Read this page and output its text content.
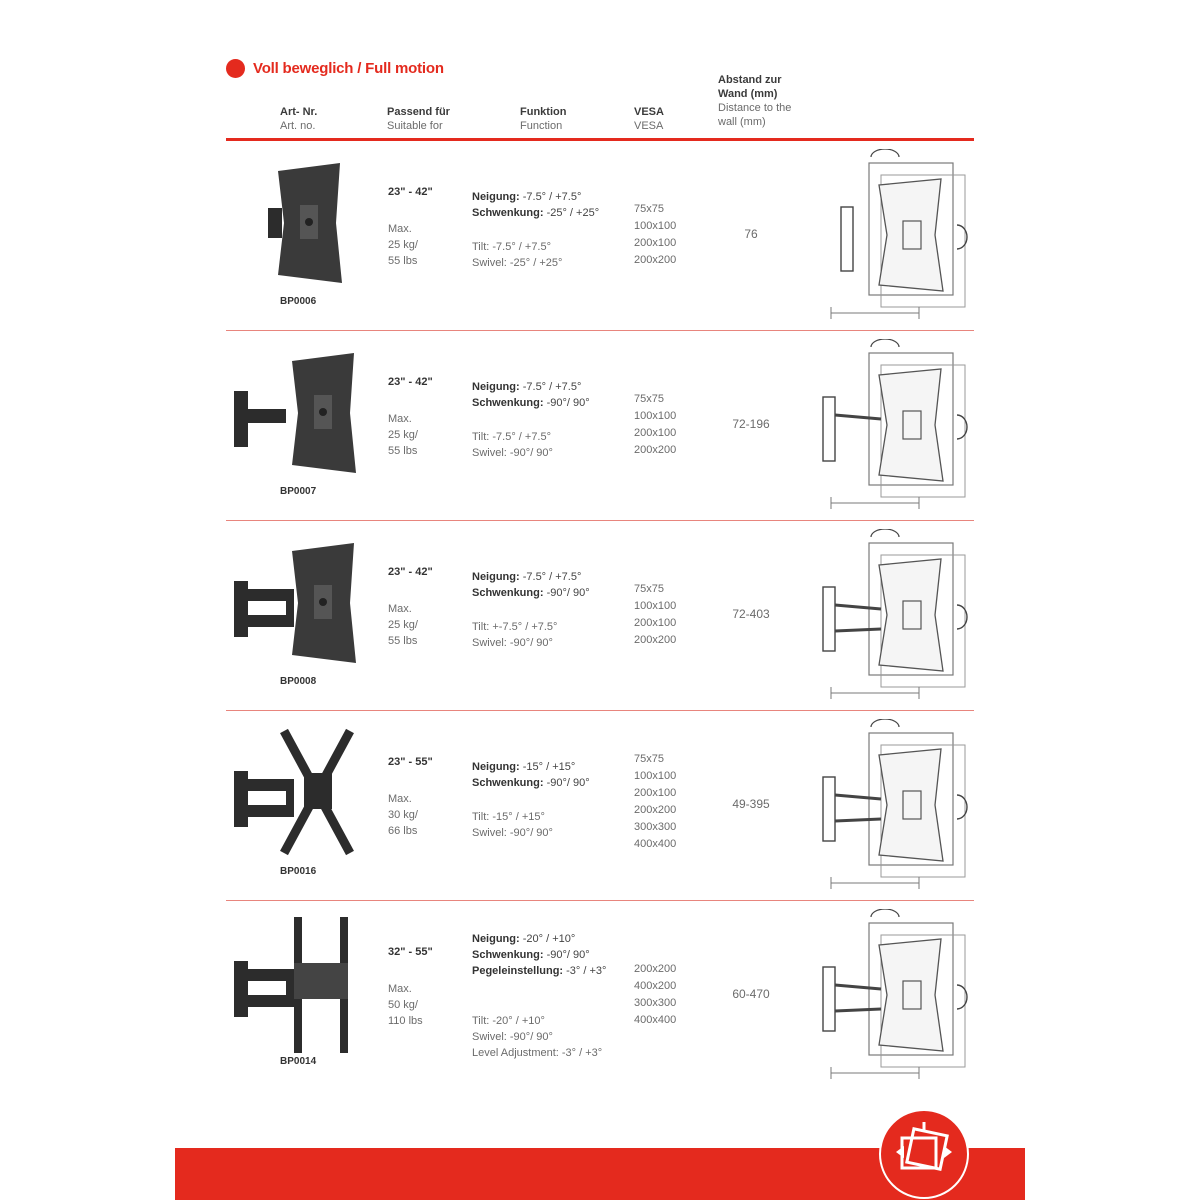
Voll beweglich / Full motion
Art- Nr.
Art. no.
Passend für
Suitable for
Funktion
Function
VESA
VESA
Abstand zur Wand (mm)
Distance to the wall (mm)
BP0006
23" - 42"
Max.
25 kg/
55 lbs
Neigung: -7.5° / +7.5°
Schwenkung: -25° / +25°
Tilt: -7.5° / +7.5°
Swivel: -25° / +25°
75x75
100x100
200x100
200x200
76
BP0007
23" - 42"
Max.
25 kg/
55 lbs
Neigung: -7.5° / +7.5°
Schwenkung: -90°/ 90°
Tilt: -7.5° / +7.5°
Swivel: -90°/ 90°
75x75
100x100
200x100
200x200
72-196
BP0008
23" - 42"
Max.
25 kg/
55 lbs
Neigung: -7.5° / +7.5°
Schwenkung: -90°/ 90°
Tilt: +-7.5° / +7.5°
Swivel: -90°/ 90°
75x75
100x100
200x100
200x200
72-403
BP0016
23" - 55"
Max.
30 kg/
66 lbs
Neigung: -15° / +15°
Schwenkung: -90°/ 90°
Tilt: -15° / +15°
Swivel: -90°/ 90°
75x75
100x100
200x100
200x200
300x300
400x400
49-395
BP0014
32" - 55"
Max.
50 kg/
110 lbs
Neigung: -20° / +10°
Schwenkung: -90°/ 90°
Pegeleinstellung: -3° / +3°
Tilt: -20° / +10°
Swivel: -90°/ 90°
Level Adjustment: -3° / +3°
200x200
400x200
300x300
400x400
60-470
